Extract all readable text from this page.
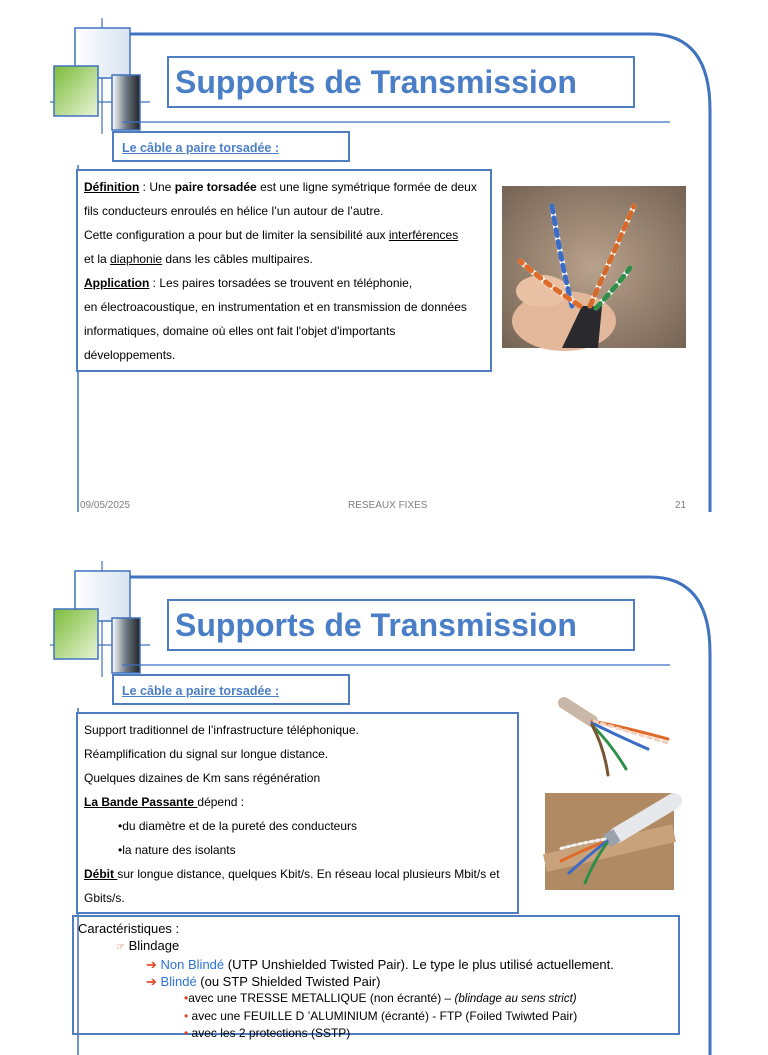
Supports de Transmission
Le câble a paire torsadée :

Définition : Une paire torsadée est une ligne symétrique formée de deux

fils conducteurs enroulés en hélice l’un autour de l’autre.

Cette configuration a pour but de limiter la sensibilité aux interférences

et la diaphonie dans les câbles multipaires.

Application : Les paires torsadées se trouvent en téléphonie,

en électroacoustique, en instrumentation et en transmission de données

informatiques, domaine où elles ont fait l'objet d'importants

développements.

09/05/2025	RESEAUX FIXES	21
Supports de Transmission
Le câble a paire torsadée :

Support traditionnel de l’infrastructure téléphonique.

Réamplification du signal sur longue distance.

Quelques dizaines de Km sans régénération

La Bande Passante dépend :

•du diamètre et de la pureté des conducteurs

•la nature des isolants

Débit sur longue distance, quelques Kbit/s. En réseau local plusieurs Mbit/s et

Gbits/s.

Caractéristiques :

☞ Blindage

➔ Non Blindé (UTP Unshielded Twisted Pair). Le type le plus utilisé actuellement.

➔ Blindé (ou STP Shielded Twisted Pair)

•avec une TRESSE METALLIQUE (non écranté) – (blindage au sens strict)

• avec une FEUILLE D ’ALUMINIUM (écranté) - FTP (Foiled Twiwted Pair)

• avec les 2 protections (SSTP)
